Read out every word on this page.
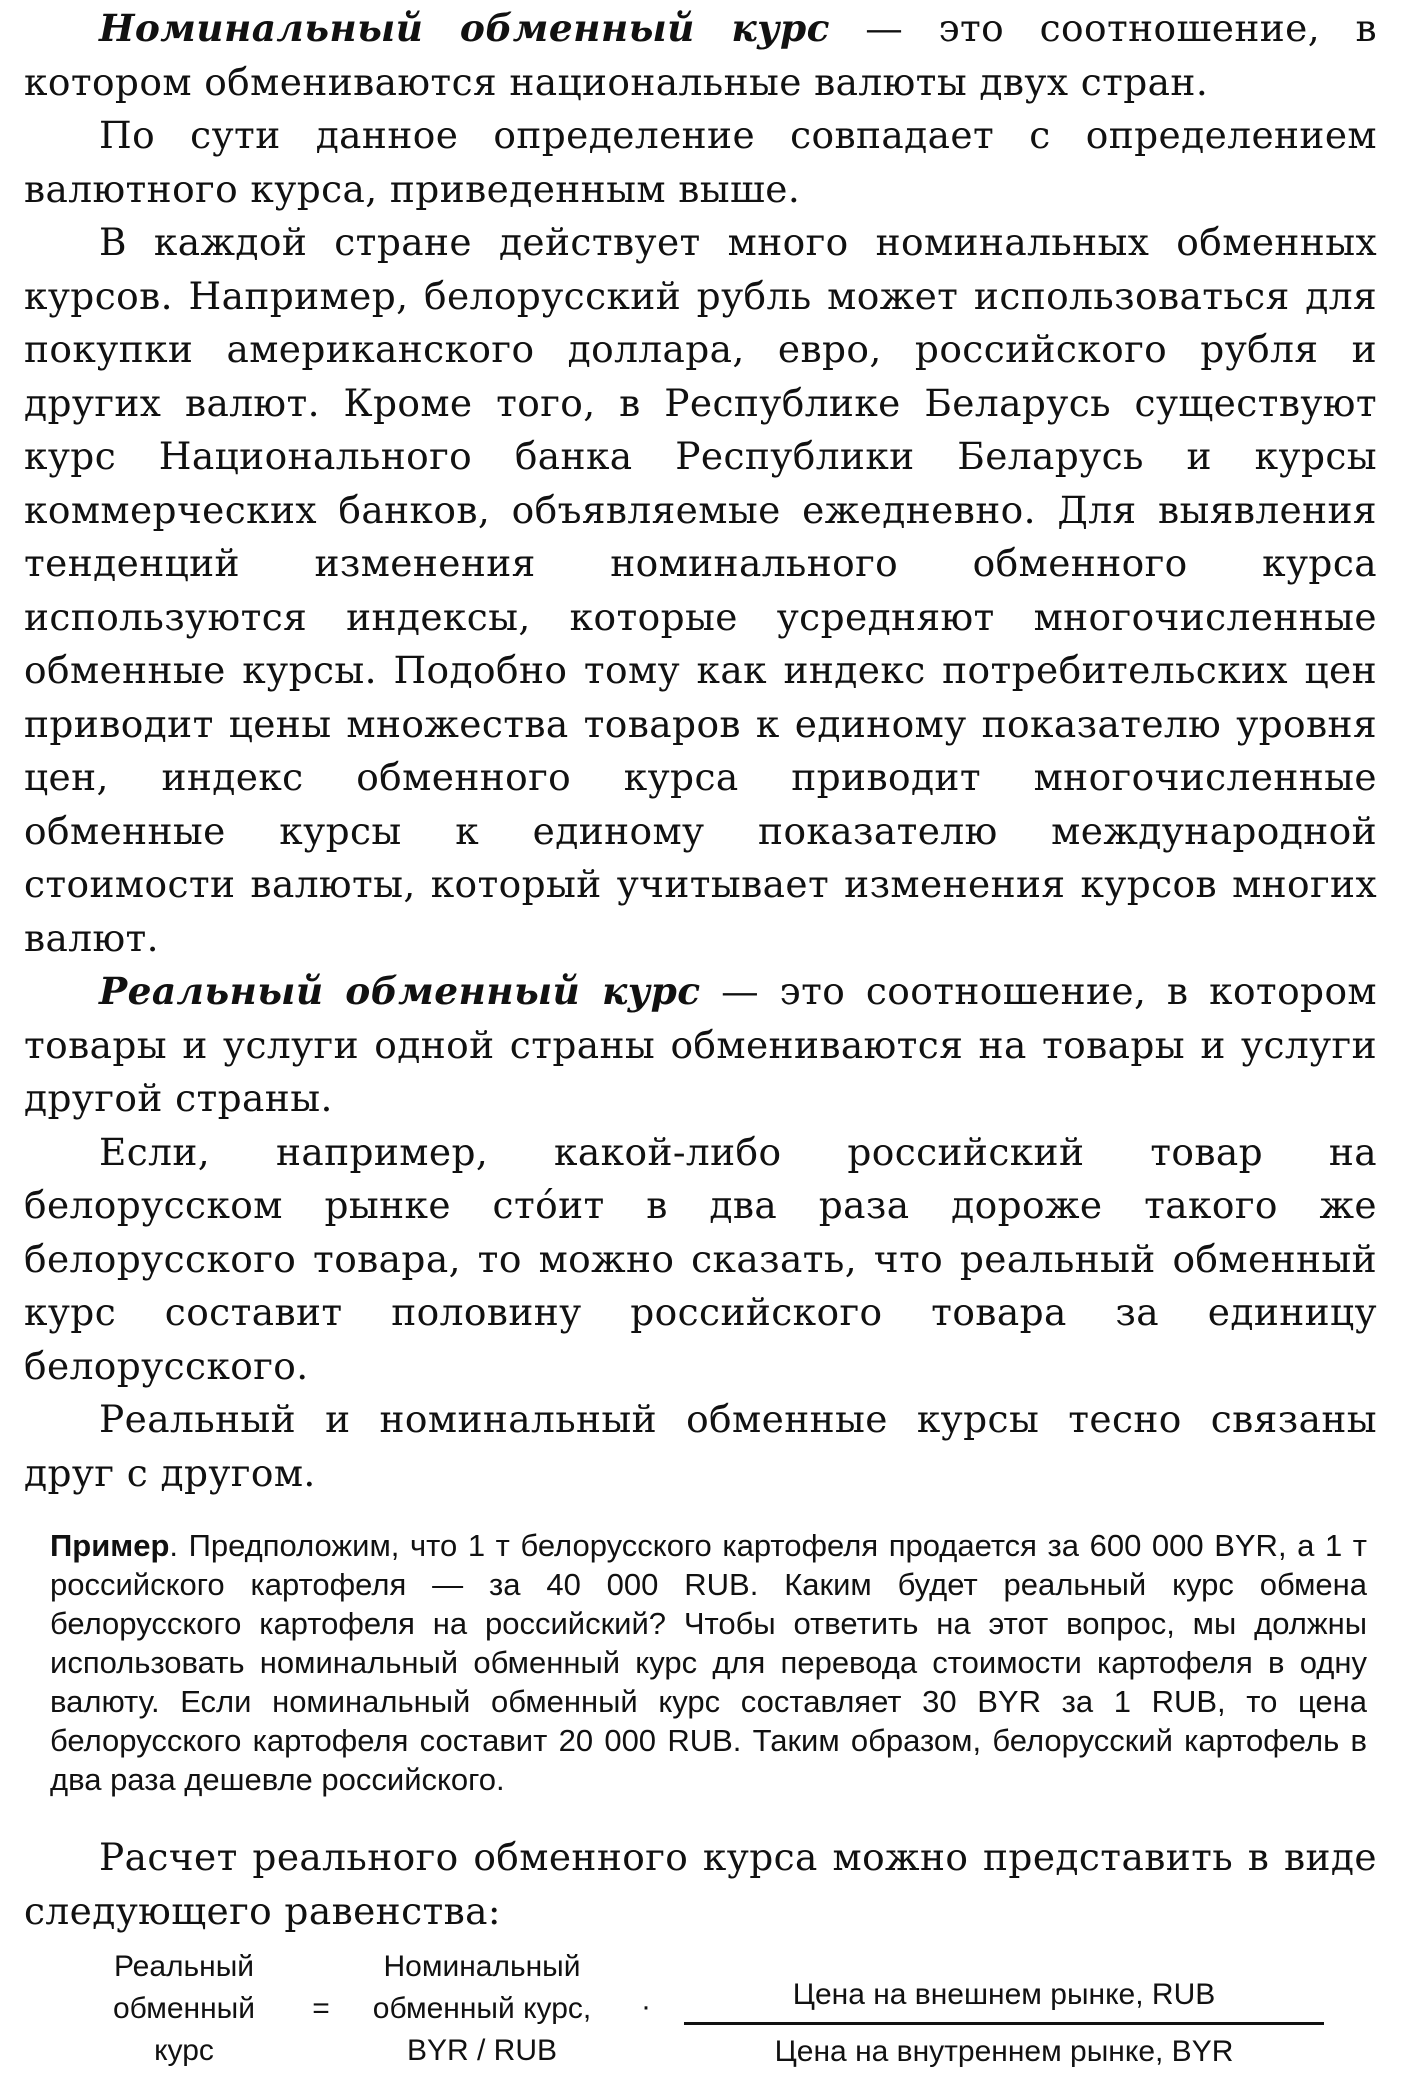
Номинальный обменный курс — это соотношение, в котором обмениваются национальные валюты двух стран.

По сути данное определение совпадает с определением валютного курса, приведенным выше.

В каждой стране действует много номинальных обменных курсов. Например, белорусский рубль может использоваться для покупки американского доллара, евро, российского рубля и других валют. Кроме того, в Республике Беларусь существуют курс Национального банка Республики Беларусь и курсы коммерческих банков, объявляемые ежедневно. Для выявления тенденций изменения номинального обменного курса используются индексы, которые усредняют многочисленные обменные курсы. Подобно тому как индекс потребительских цен приводит цены множества товаров к единому показателю уровня цен, индекс обменного курса приводит многочисленные обменные курсы к единому показателю международной стоимости валюты, который учитывает изменения курсов многих валют.

Реальный обменный курс — это соотношение, в котором товары и услуги одной страны обмениваются на товары и услуги другой страны.

Если, например, какой-либо российский товар на белорусском рынке стóит в два раза дороже такого же белорусского товара, то можно сказать, что реальный обменный курс составит половину российского товара за единицу белорусского.

Реальный и номинальный обменные курсы тесно связаны друг с другом.

Пример. Предположим, что 1 т белорусского картофеля продается за 600 000 BYR, а 1 т российского картофеля — за 40 000 RUB. Каким будет реальный курс обмена белорусского картофеля на российский? Чтобы ответить на этот вопрос, мы должны использовать номинальный обменный курс для перевода стоимости картофеля в одну валюту. Если номинальный обменный курс составляет 30 BYR за 1 RUB, то цена белорусского картофеля составит 20 000 RUB. Таким образом, белорусский картофель в два раза дешевле российского.

Расчет реального обменного курса можно представить в виде следующего равенства:

Реальный
обменный
курс
=
Номинальный
обменный курс,
BYR / RUB
·	Цена на внешнем рынке, RUB
Цена на внутреннем рынке, BYR
